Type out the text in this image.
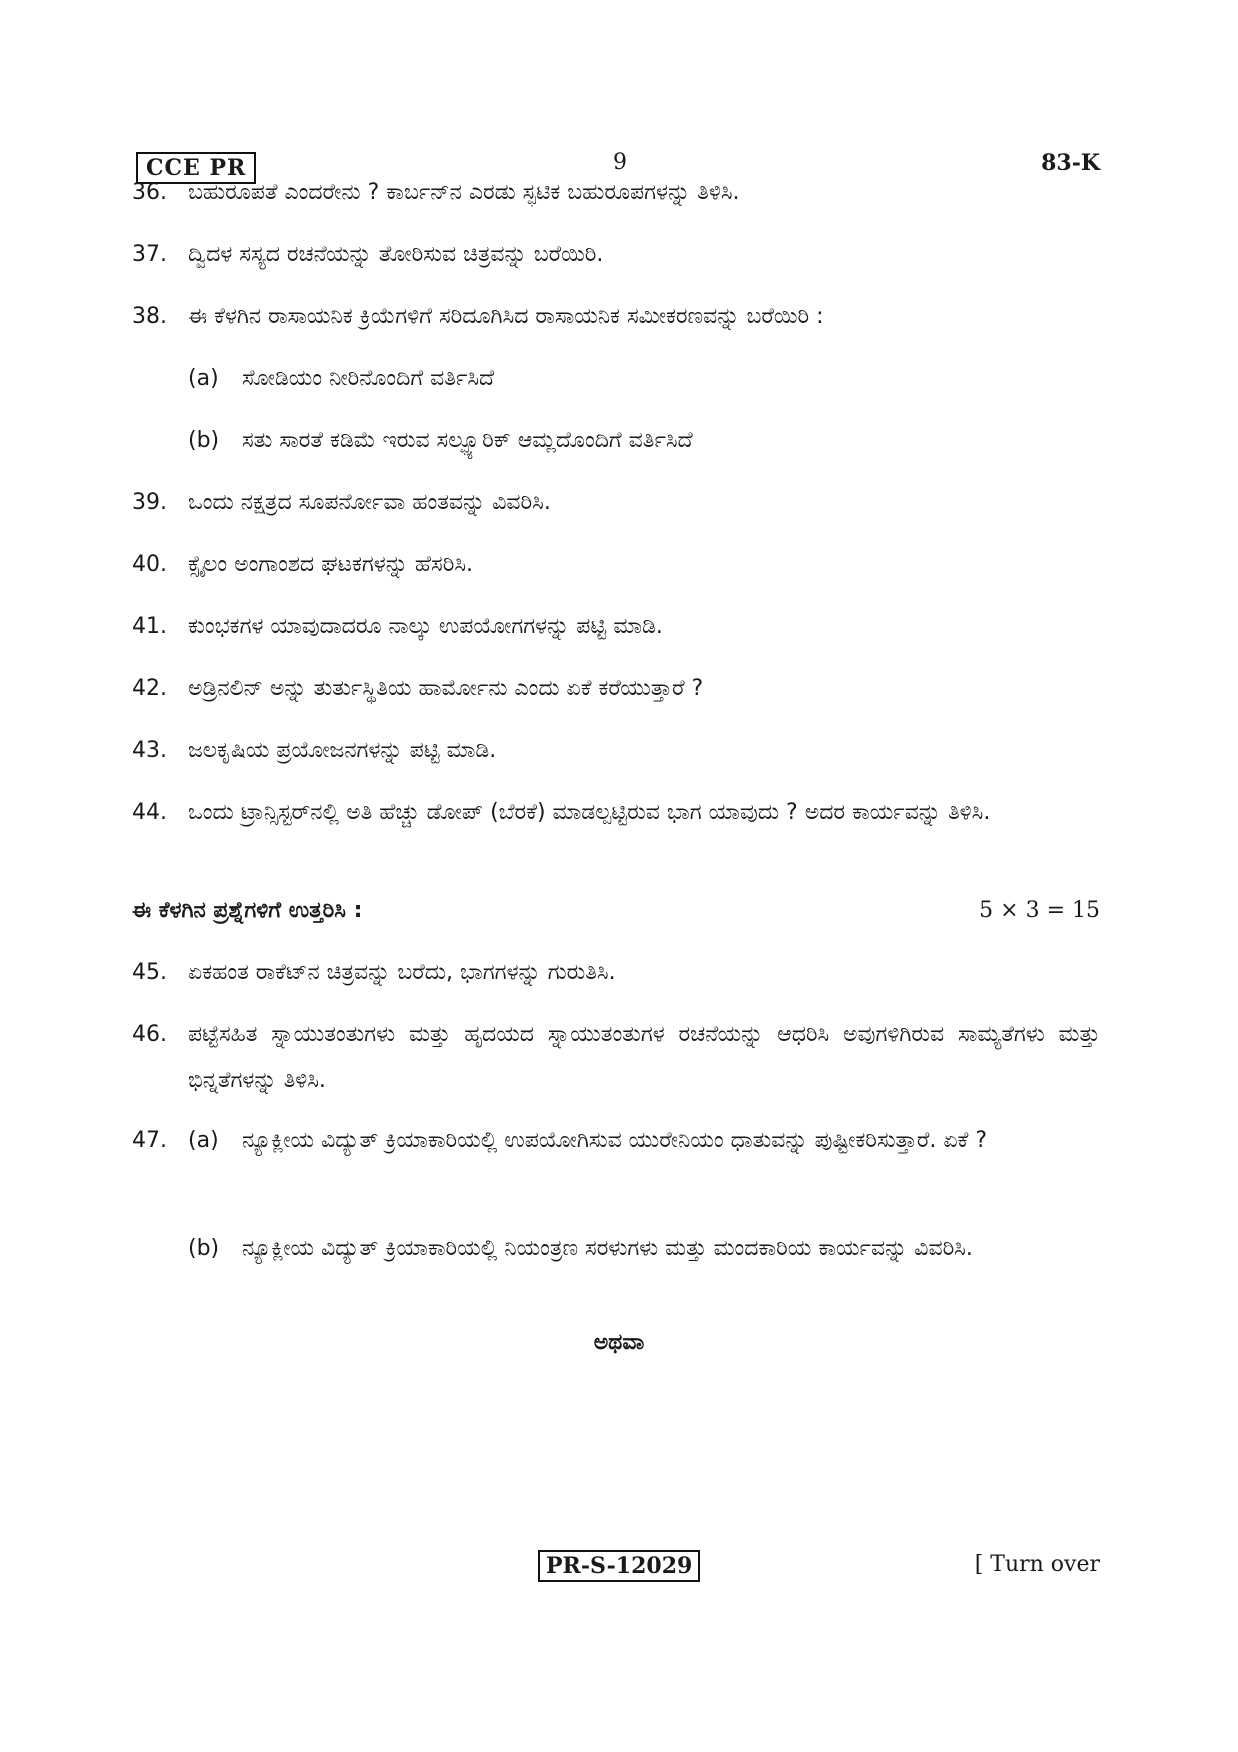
CCE PR	9	83-K
36. ಬಹುರೂಪತೆ ಎಂದರೇನು ? ಕಾರ್ಬನ್‌ನ ಎರಡು ಸ್ಫಟಿಕ ಬಹುರೂಪಗಳನ್ನು ತಿಳಿಸಿ.
37. ದ್ವಿದಳ ಸಸ್ಯದ ರಚನೆಯನ್ನು ತೋರಿಸುವ ಚಿತ್ರವನ್ನು ಬರೆಯಿರಿ.
38. ಈ ಕೆಳಗಿನ ರಾಸಾಯನಿಕ ಕ್ರಿಯೆಗಳಿಗೆ ಸರಿದೂಗಿಸಿದ ರಾಸಾಯನಿಕ ಸಮೀಕರಣವನ್ನು ಬರೆಯಿರಿ :
(a)	ಸೋಡಿಯಂ ನೀರಿನೊಂದಿಗೆ ವರ್ತಿಸಿದೆ
(b)	ಸತು ಸಾರತೆ ಕಡಿಮೆ ಇರುವ ಸಲ್ಫ್ಯೂರಿಕ್ ಆಮ್ಲದೊಂದಿಗೆ ವರ್ತಿಸಿದೆ
39. ಒಂದು ನಕ್ಷತ್ರದ ಸೂಪರ್ನೋವಾ ಹಂತವನ್ನು ವಿವರಿಸಿ.
40. ಕ್ಸೈಲಂ ಅಂಗಾಂಶದ ಘಟಕಗಳನ್ನು ಹೆಸರಿಸಿ.
41. ಕುಂಭಕಗಳ ಯಾವುದಾದರೂ ನಾಲ್ಕು ಉಪಯೋಗಗಳನ್ನು ಪಟ್ಟಿ ಮಾಡಿ.
42. ಅಡ್ರಿನಲಿನ್ ಅನ್ನು ತುರ್ತುಸ್ಥಿತಿಯ ಹಾರ್ಮೋನು ಎಂದು ಏಕೆ ಕರೆಯುತ್ತಾರೆ ?
43. ಜಲಕೃಷಿಯ ಪ್ರಯೋಜನಗಳನ್ನು ಪಟ್ಟಿ ಮಾಡಿ.
44. ಒಂದು ಟ್ರಾನ್ಸಿಸ್ಟರ್‌ನಲ್ಲಿ ಅತಿ ಹೆಚ್ಚು ಡೋಪ್ (ಬೆರಕೆ) ಮಾಡಲ್ಪಟ್ಟಿರುವ ಭಾಗ ಯಾವುದು ? ಅದರ ಕಾರ್ಯವನ್ನು ತಿಳಿಸಿ.
ಈ ಕೆಳಗಿನ ಪ್ರಶ್ನೆಗಳಿಗೆ ಉತ್ತರಿಸಿ :	5 × 3 = 15
45. ಏಕಹಂತ ರಾಕೆಟ್‌ನ ಚಿತ್ರವನ್ನು ಬರೆದು, ಭಾಗಗಳನ್ನು ಗುರುತಿಸಿ.
46. ಪಟ್ಟೆಸಹಿತ ಸ್ನಾಯುತಂತುಗಳು ಮತ್ತು ಹೃದಯದ ಸ್ನಾಯುತಂತುಗಳ ರಚನೆಯನ್ನು ಆಧರಿಸಿ ಅವುಗಳಿಗಿರುವ ಸಾಮ್ಯತೆಗಳು ಮತ್ತು ಭಿನ್ನತೆಗಳನ್ನು ತಿಳಿಸಿ.
47. (a)	ನ್ಯೂಕ್ಲೀಯ ವಿದ್ಯುತ್ ಕ್ರಿಯಾಕಾರಿಯಲ್ಲಿ ಉಪಯೋಗಿಸುವ ಯುರೇನಿಯಂ ಧಾತುವನ್ನು ಪುಷ್ಟೀಕರಿಸುತ್ತಾರೆ. ಏಕೆ ?
(b)	ನ್ಯೂಕ್ಲೀಯ ವಿದ್ಯುತ್ ಕ್ರಿಯಾಕಾರಿಯಲ್ಲಿ ನಿಯಂತ್ರಣ ಸರಳುಗಳು ಮತ್ತು ಮಂದಕಾರಿಯ ಕಾರ್ಯವನ್ನು ವಿವರಿಸಿ.
ಅಥವಾ
PR-S-12029	[ Turn over
